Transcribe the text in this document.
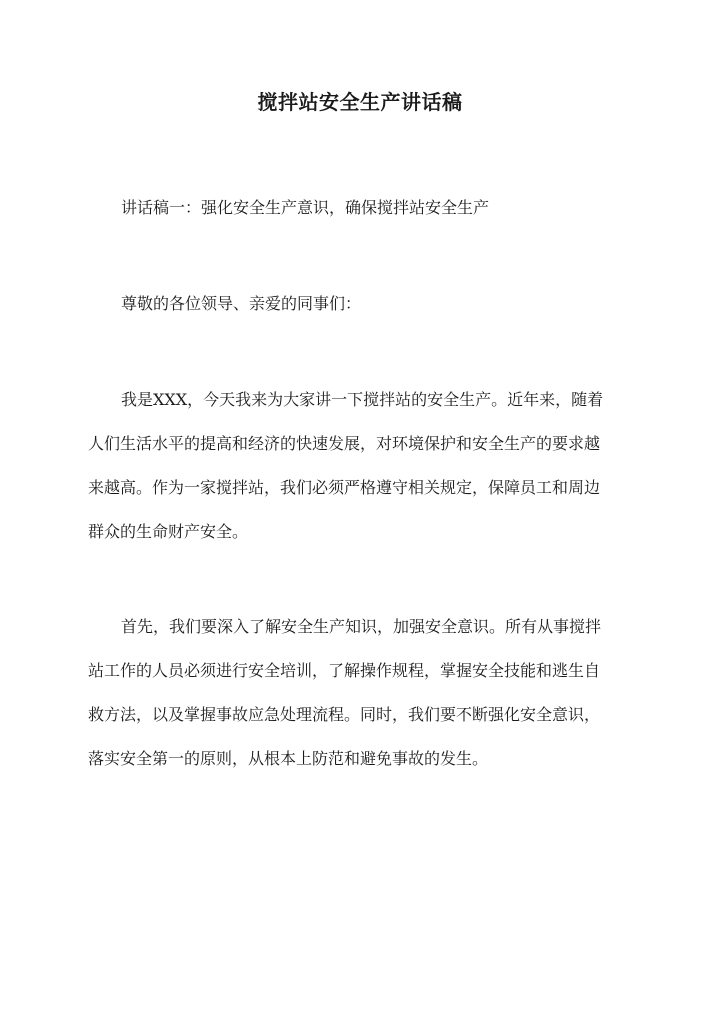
搅拌站安全生产讲话稿
讲话稿一：强化安全生产意识，确保搅拌站安全生产
尊敬的各位领导、亲爱的同事们：
我是XXX，今天我来为大家讲一下搅拌站的安全生产。近年来，随着
人们生活水平的提高和经济的快速发展，对环境保护和安全生产的要求越
来越高。作为一家搅拌站，我们必须严格遵守相关规定，保障员工和周边
群众的生命财产安全。
首先，我们要深入了解安全生产知识，加强安全意识。所有从事搅拌
站工作的人员必须进行安全培训，了解操作规程，掌握安全技能和逃生自
救方法，以及掌握事故应急处理流程。同时，我们要不断强化安全意识，
落实安全第一的原则，从根本上防范和避免事故的发生。
